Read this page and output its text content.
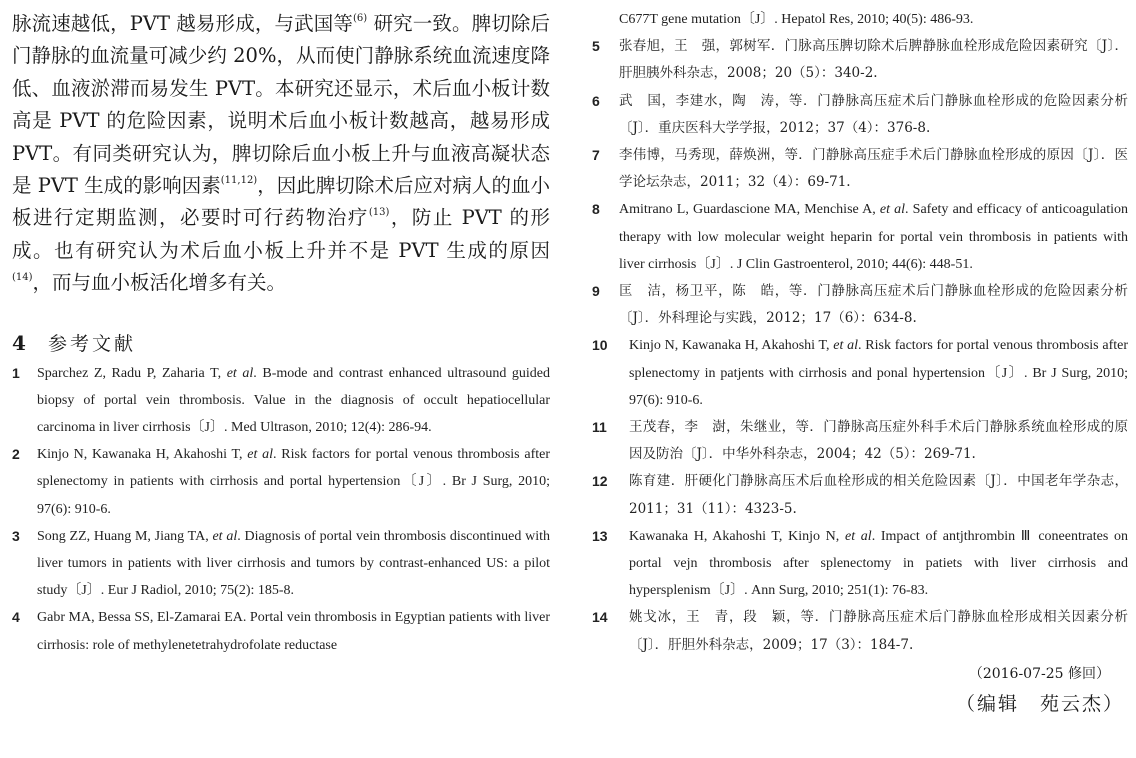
脉流速越低，PVT 越易形成，与武国等$^{(6)}$ 研究一致。脾切除后门静脉的血流量可减少约 20%，从而使门静脉系统血流速度降低、血液淤滞而易发生 PVT。本研究还显示，术后血小板计数高是 PVT 的危险因素，说明术后血小板计数越高，越易形成 PVT。有同类研究认为，脾切除后血小板上升与血液高凝状态是 PVT 生成的影响因素$^{(11,12)}$，因此脾切除术后应对病人的血小板进行定期监测，必要时可行药物治疗$^{(13)}$，防止 PVT 的形成。也有研究认为术后血小板上升并不是 PVT 生成的原因$^{(14)}$，而与血小板活化增多有关。
4	参考文献
1 Sparchez Z, Radu P, Zaharia T, et al. B-mode and contrast enhanced ultrasound guided biopsy of portal vein thrombosis. Value in the diagnosis of occult hepatiocellular carcinoma in liver cirrhosis〔J〕. Med Ultrason, 2010; 12(4): 286-94.
2 Kinjo N, Kawanaka H, Akahoshi T, et al. Risk factors for portal venous thrombosis after splenectomy in patients with cirrhosis and portal hypertension〔J〕. Br J Surg, 2010; 97(6): 910-6.
3 Song ZZ, Huang M, Jiang TA, et al. Diagnosis of portal vein thrombosis discontinued with liver tumors in patients with liver cirrhosis and tumors by contrast-enhanced US: a pilot study〔J〕. Eur J Radiol, 2010; 75(2): 185-8.
4 Gabr MA, Bessa SS, El-Zamarai EA. Portal vein thrombosis in Egyptian patients with liver cirrhosis: role of methylenetetrahydrofolate reductase
C677T gene mutation〔J〕. Hepatol Res, 2010; 40(5): 486-93.
5 张春旭，王　强，郭树军．门脉高压脾切除术后脾静脉血栓形成危险因素研究〔J〕．肝胆胰外科杂志，2008；20（5）：340-2.
6 武　国，李建水，陶　涛，等．门静脉高压症术后门静脉血栓形成的危险因素分析〔J〕．重庆医科大学学报，2012；37（4）：376-8.
7 李伟博，马秀现，薛焕洲，等．门静脉高压症手术后门静脉血栓形成的原因〔J〕．医学论坛杂志，2011；32（4）：69-71.
8 Amitrano L, Guardascione MA, Menchise A, et al. Safety and efficacy of anticoagulation therapy with low molecular weight heparin for portal vein thrombosis in patients with liver cirrhosis〔J〕. J Clin Gastroenterol, 2010; 44(6): 448-51.
9 匡　洁，杨卫平，陈　皓，等．门静脉高压症术后门静脉血栓形成的危险因素分析〔J〕．外科理论与实践，2012；17（6）：634-8.
10 Kinjo N, Kawanaka H, Akahoshi T, et al. Risk factors for portal venous thrombosis after splenectomy in patjents with cirrhosis and ponal hypertension〔J〕. Br J Surg, 2010; 97(6): 910-6.
11 王茂春，李　澍，朱继业，等．门静脉高压症外科手术后门静脉系统血栓形成的原因及防治〔J〕．中华外科杂志，2004；42（5）：269-71.
12 陈育建．肝硬化门静脉高压术后血栓形成的相关危险因素〔J〕．中国老年学杂志，2011；31（11）：4323-5.
13 Kawanaka H, Akahoshi T, Kinjo N, et al. Impact of antjthrombin Ⅲ coneentrates on portal vejn thrombosis after splenectomy in patiets with liver cirrhosis and hypersplenism〔J〕. Ann Surg, 2010; 251(1): 76-83.
14 姚戈冰，王　青，段　颖，等．门静脉高压症术后门静脉血栓形成相关因素分析〔J〕．肝胆外科杂志，2009；17（3）：184-7.
（2016-07-25 修回）
（编辑　苑云杰）
